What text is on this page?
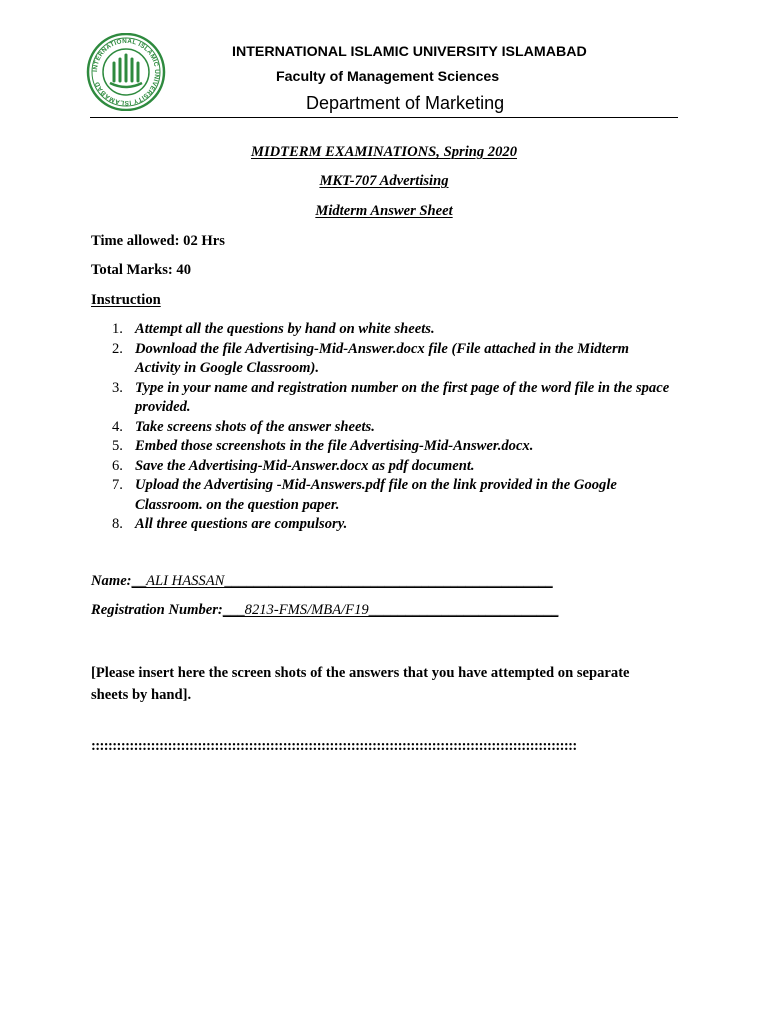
INTERNATIONAL ISLAMIC UNIVERSITY ISLAMABAD
INTERNATIONAL ISLAMIC UNIVERSITY ISLAMABAD
Faculty of Management Sciences
Department of Marketing
MIDTERM EXAMINATIONS, Spring 2020
MKT-707 Advertising
Midterm Answer Sheet
Time allowed: 02 Hrs
Total Marks: 40
Instruction
1. Attempt all the questions by hand on white sheets.
2. Download the file Advertising-Mid-Answer.docx file (File attached in the Midterm Activity in Google Classroom).
3. Type in your name and registration number on the first page of the word file in the space provided.
4. Take screens shots of the answer sheets.
5. Embed those screenshots in the file Advertising-Mid-Answer.docx.
6. Save the Advertising-Mid-Answer.docx as pdf document.
7. Upload the Advertising -Mid-Answers.pdf file on the link provided in the Google Classroom. on the question paper.
8. All three questions are compulsory.
Name:__ALI HASSAN_____________________________________________
Registration Number:___8213-FMS/MBA/F19__________________________
[Please insert here the screen shots of the answers that you have attempted on separate sheets by hand].
::::::::::::::::::::::::::::::::::::::::::::::::::::::::::::::::::::::::::::::::::::::::::::::::::::::::::::::::::
